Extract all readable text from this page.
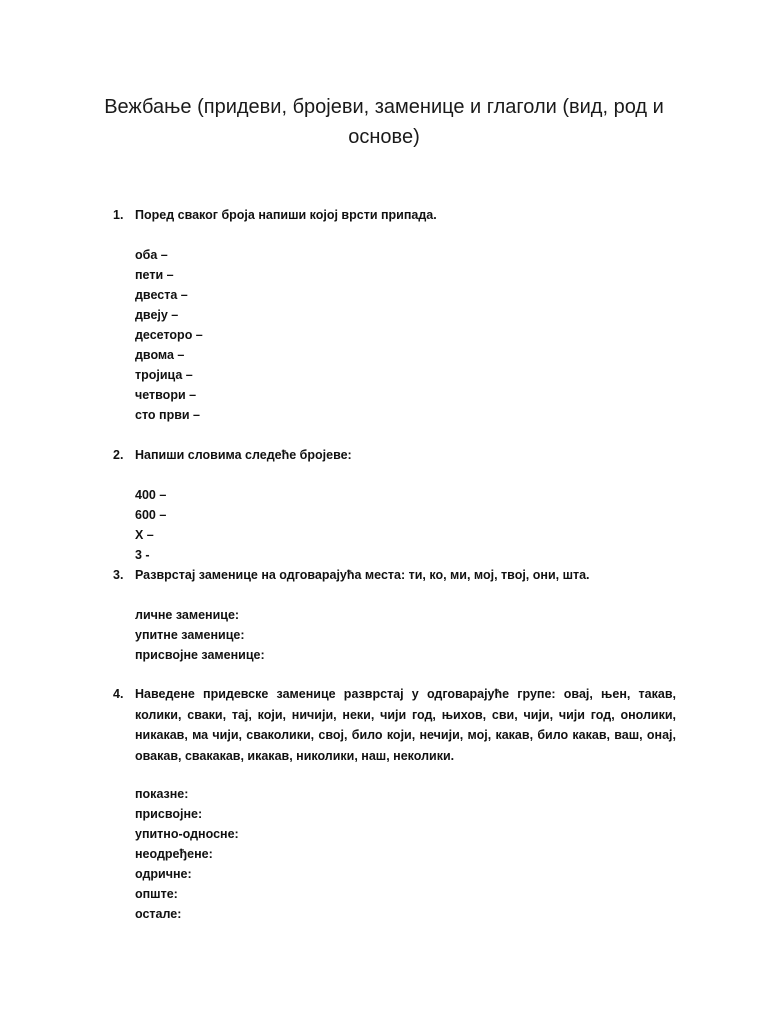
Вежбање (придеви, бројеви, заменице и глаголи (вид, род и
основе)
1. Поред сваког броја напиши којој врсти припада.
оба –
пети –
двеста –
двеју –
десеторо –
двома –
тројица –
четвори –
сто први –
2. Напиши словима следеће бројеве:
400 –
600 –
X –
3 -
3. Разврстај заменице на одговарајућа места: ти, ко, ми, мој, твој, они, шта.
личне заменице:
упитне заменице:
присвојне заменице:
4. Наведене придевске заменице разврстај у одговарајуће групе: овај, њен, такав, колики, сваки, тај, који, ничији, неки, чији год, њихов, сви, чији, чији год, онолики, никакав, ма чији, сваколики, свој, било који, нечији, мој, какав, било какав, ваш, онај, овакав, свакакав, икакав, николики, наш, неколики.
показне:
присвојне:
упитно-односне:
неодређене:
одричне:
опште:
остале:
